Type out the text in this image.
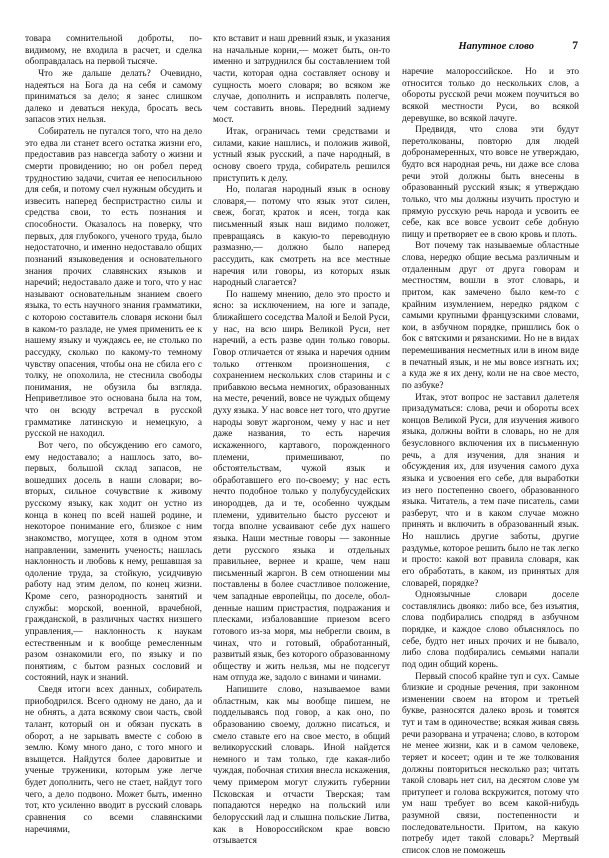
Напутное слово	7

товара сомнительной доброты, по-видимому, не входила в расчет, и сделка обоправдалась на первой тысяче.

Что же дальше делать? Очевидно, надеяться на Бога да на себя и самому приниматься за дело; я занес слишком далеко и деваться некуда, бросать весь запасов этих нельзя.

Собиратель не пугался того, что на дело это едва ли станет всего остатка жизни его, предоставив раз навсегда заботу о жизни и смерти провидению; но он робел перед трудностию задачи, считая ее непосильною для себя, и потому счел нужным обсудить и извесить наперед беспристрастно силы и средства свои, то есть познания и способности. Оказалось на поверку, что первых, для глубокого, ученого труда, было недостаточно, и именно недоставало общих познаний языковедения и основательного знания прочих славянских языков и наречий; недоставало даже и того, что у нас называют основательным знанием своего языка, то есть научного знания грамматики, с которою составитель словаря искони был в каком-то разладе, не умея применить ее к нашему языку и чуждаясь ее, не столько по рассудку, сколько по какому-то темному чувству опасения, чтобы она не сбила его с толку, не опохолила, не стеснила свободы понимания, не обузила бы взгляда. Неприветливое это основана была на том, что он всюду встречал в русской грамматике латинскую и немецкую, а русской не находил.

Вот чего, по обсуждению его самого, ему недоставало; а нашлось зато, во-первых, большой склад запасов, не вошедших досель в наши словари; во-вторых, сильное сочувствие к живому русскому языку, как ходит он устно из конца в конец по всей нашей родине, и некоторое понимание его, близкое с ним знакомство, могущее, хотя в одном этом направлении, заменить ученость; нашлась наклонность и любовь к нему, решавшая за одоление труда, за стойкую, усидчивую работу над этим делом, по конец жизни. Кроме сего, разнородность занятий и службы: морской, военной, врачебной, гражданской, в различных частях низшего управления,— наклонность к наукам естественным и к вообще ремесленным разом ознакомили его, по языку и по понятиям, с бытом разных сословий и состояний, наук и знаний.

Сведя итоги всех данных, собиратель приободрился. Всего одному не дано, да и не обнять, а дата всякому свои часть, свой талант, который он и обязан пускать в оборот, а не зарывать вместе с собою в землю. Кому много дано, с того много и взыщется. Найдутся более даровитые и ученые труженики, которым уже легче будет дополнить, чего не стает, найдут того чего, а дело подвоно. Может быть, именно тот, кто усиленно вводит в русский словарь сравнения со всеми славянскими наречиями,

кто вставит и наш древний язык, и указания на начальные корни,— может быть, он-то именно и затруднился бы составлением той части, которая одна составляет основу и сущность моего словаря; во всяком же случае, дополнить и исправлять полегче, чем составить вновь. Передний задиему мост.

Итак, ограничась теми средствами и силами, какие нашлись, и положив живой, устный язык русский, а паче народный, в основу своего труда, собиратель решился приступить к делу.

Но, полагая народный язык в основу словаря,— потому что язык этот силен, свеж, богат, краток и ясен, тогда как письменный язык наш видимо положет, превращаясь в какую-то переводную размазню,— должно было наперед рассудить, как смотреть на все местные наречия или говоры, из которых язык народный слагается?

По нашему мнению, дело это просто и ясно: за исключением, на юге и западе, ближайшего соседства Малой и Белой Руси, у нас, на всю ширь Великой Руси, нет наречий, а есть разве один только говоры. Говор отличается от языка и наречия одним только оттенком произношения, с сохранением нескольких слов старины и с прибавкою весьма немногих, образованных на месте, речений, вовсе не чуждых общему духу языка. У нас вовсе нет того, что другие народы зовут жаргоном, чему у нас и нет даже названия, то есть наречия искаженного, картавого, порожденного племени, примешивают, по обстоятельствам, чужой язык и обработавшего его по-своему; у нас есть нечто подобное только у полубусудейских инородцев, да и те, особенно чуждым племени, удивительно бысто руссеют и тогда вполне усваивают себе дух нашего языка. Наши местные говоры — законные дети русского языка и отдельных правильнее, вернее и краше, чем наш письменный жаргон. В сем отношении мы поставлены в более счастливое положение, чем западные европейцы, по доселе, обол-денные нашим пристрастия, подражания и плесками, избаловавшие приезом всего готового из-за моря, мы небрегли своим, в чинах, что и готовый, обработанный, развитый язык, без которого образованному обществу и жить нельзя, мы не подсегут нам отпуда же, задоло с винами и чинами.

Напишите слово, называемое вами областным, как мы вообще пишем, не подделываясь под говор, а как оно, по образованию своему, должно писаться, и смело ставьте его на свое место, в общий великорусский словарь. Иной найдется немного и там только, где какая-либо чуждая, побочная стихия внесла искажения, чему примером могут служить губернии Псковская и отчасти Тверская; там попадаются нередко на польский или белорусский лад и слышна польские Литва, как в Новороссийском крае вовсю отзывается

наречие малороссийское. Но и это относится только до нескольких слов, а обороты русской речи можем поучиться во всякой местности Руси, во всякой деревушке, во всякой лачуге.

Предвидя, что слова эти будут перетолкованы, повторю для людей добронамеренных, что вовсе не утверждаю, будто вся народная речь, ни даже все слова речи этой должны быть внесены в образованный русский язык; я утверждаю только, что мы должны изучить простую и прямую русскую речь народа и усвоить ее себе, как все вовсе усвоит себе добную пищу и претворяет ее в свою кровь и плоть.

Вот почему так называемые областные слова, нередко общие весьма различным и отдаленным друг от друга говорам и местностям, вошли в этот словарь, и притом, как замечено было кем-то с крайним изумлением, нередко рядком с самыми крупными французскими словами, кои, в азбучном порядке, пришлись бок о бок с вятскими и рязанскими. Но не в видах перемешивания несметных или в ином виде в печатный язык, и не мы вовсе изгнать их; а куда же я их дену, коли не на свое место, по азбуке?

Итак, этот вопрос не заставил далетеля призадуматься: слова, речи и обороты всех концов Великой Руси, для изучения живого языка, должны войти в словарь, но не для безусловного включения их в письменную речь, а для изучения, для знания и обсуждения их, для изучения самого духа языка и усвоения его себе, для выработки из него постепенно своего, образованного языка. Читатель, а тем паче писатель, сами разберут, что и в каком случае можно принять и включить в образованный язык. Но нашлись другие заботы, другие раздумье, которое решить было не так легко и просто: какой вот правила словаря, как его обработать, в каком, из принятых для словарей, порядке?

Одноязычные словари доселе составлялись двояко: либо все, без изъятия, слова подбирались сподряд в азбучном порядке, и каждое слово объяснялось по себе, будто нет иных прочих и не бывало, либо слова подбирались семьями напали под один общий корень.

Первый способ крайне туп и сух. Самые близкие и сродные речения, при законном изменении своем на втором и третьей букве, разносятся далеко врозь и томятся тут и там в одиночестве; всякая живая связь речи разорвана и утрачена; слово, в котором не менее жизни, как и в самом человеке, теряет и косеет; один и те же толкования должны повториться несколько раз; читать такой словарь нет сил, на десятом слове ум притупеет и голова вскружится, потому что ум наш требует во всем какой-нибудь разумной связи, постепенности и последовательности. Притом, на какую потребу идет такой словарь? Мертвый список слов не поможешь
